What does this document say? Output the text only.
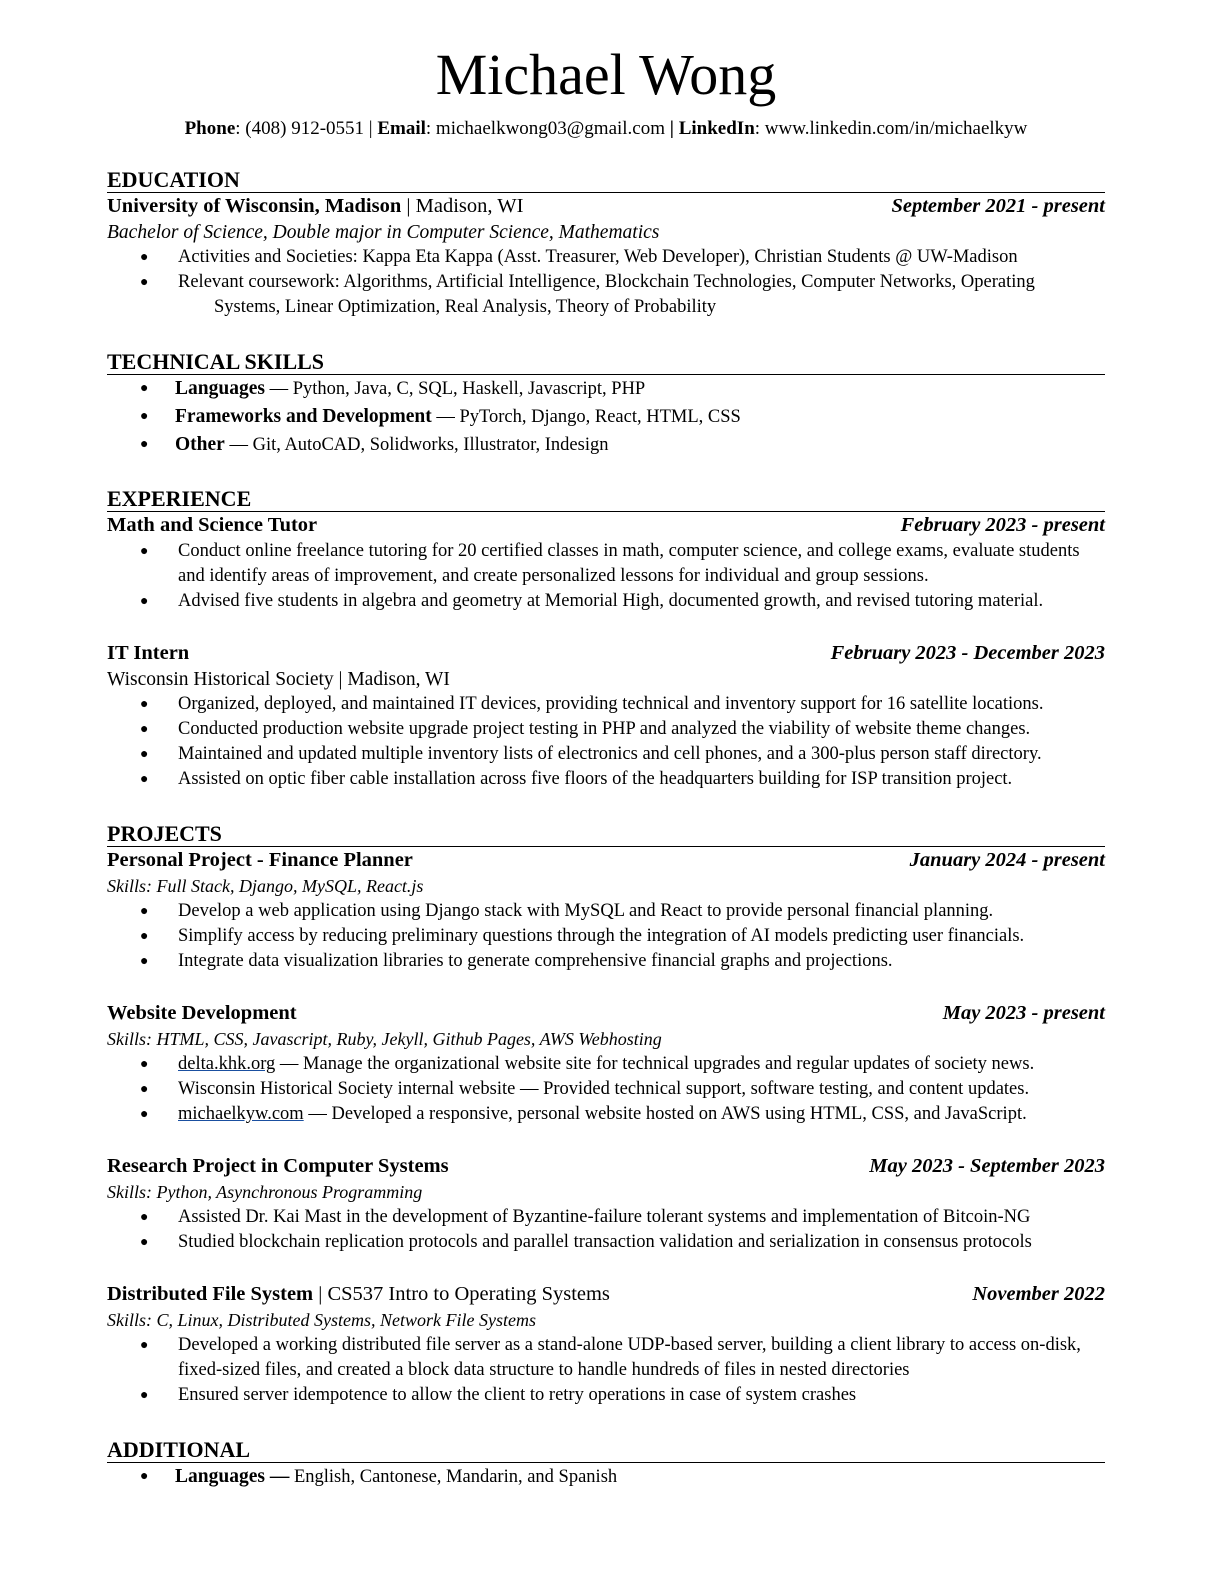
Michael Wong
Phone: (408) 912-0551 | Email: michaelkwong03@gmail.com | LinkedIn: www.linkedin.com/in/michaelkyw
EDUCATION
University of Wisconsin, Madison | Madison, WI	September 2021 - present
Bachelor of Science, Double major in Computer Science, Mathematics
● Activities and Societies: Kappa Eta Kappa (Asst. Treasurer, Web Developer), Christian Students @ UW-Madison
● Relevant coursework: Algorithms, Artificial Intelligence, Blockchain Technologies, Computer Networks, Operating
Systems, Linear Optimization, Real Analysis, Theory of Probability
TECHNICAL SKILLS
● Languages — Python, Java, C, SQL, Haskell, Javascript, PHP
● Frameworks and Development — PyTorch, Django, React, HTML, CSS
● Other — Git, AutoCAD, Solidworks, Illustrator, Indesign
EXPERIENCE
Math and Science Tutor	February 2023 - present
● Conduct online freelance tutoring for 20 certified classes in math, computer science, and college exams, evaluate students and identify areas of improvement, and create personalized lessons for individual and group sessions.
● Advised five students in algebra and geometry at Memorial High, documented growth, and revised tutoring material.
IT Intern	February 2023 - December 2023
Wisconsin Historical Society | Madison, WI
● Organized, deployed, and maintained IT devices, providing technical and inventory support for 16 satellite locations.
● Conducted production website upgrade project testing in PHP and analyzed the viability of website theme changes.
● Maintained and updated multiple inventory lists of electronics and cell phones, and a 300-plus person staff directory.
● Assisted on optic fiber cable installation across five floors of the headquarters building for ISP transition project.
PROJECTS
Personal Project - Finance Planner	January 2024 - present
Skills: Full Stack, Django, MySQL, React.js
● Develop a web application using Django stack with MySQL and React to provide personal financial planning.
● Simplify access by reducing preliminary questions through the integration of AI models predicting user financials.
● Integrate data visualization libraries to generate comprehensive financial graphs and projections.
Website Development	May 2023 - present
Skills: HTML, CSS, Javascript, Ruby, Jekyll, Github Pages, AWS Webhosting
● delta.khk.org — Manage the organizational website site for technical upgrades and regular updates of society news.
● Wisconsin Historical Society internal website — Provided technical support, software testing, and content updates.
● michaelkyw.com — Developed a responsive, personal website hosted on AWS using HTML, CSS, and JavaScript.
Research Project in Computer Systems	May 2023 - September 2023
Skills: Python, Asynchronous Programming
● Assisted Dr. Kai Mast in the development of Byzantine-failure tolerant systems and implementation of Bitcoin-NG
● Studied blockchain replication protocols and parallel transaction validation and serialization in consensus protocols
Distributed File System | CS537 Intro to Operating Systems	November 2022
Skills: C, Linux, Distributed Systems, Network File Systems
● Developed a working distributed file server as a stand-alone UDP-based server, building a client library to access on-disk, fixed-sized files, and created a block data structure to handle hundreds of files in nested directories
● Ensured server idempotence to allow the client to retry operations in case of system crashes
ADDITIONAL
● Languages — English, Cantonese, Mandarin, and Spanish
